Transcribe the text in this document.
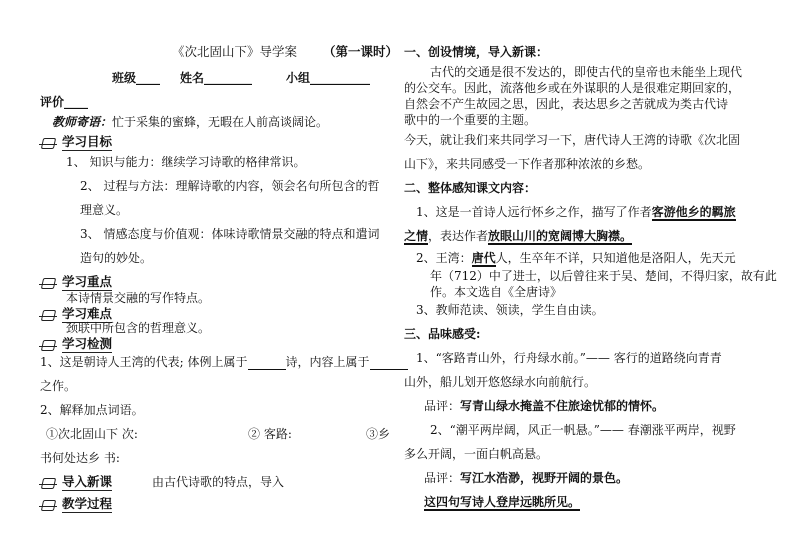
《次北固山下》导学案 （第一课时）
班级____ 姓名________	小组__________
评价____
教师寄语：忙于采集的蜜蜂，无暇在人前高谈阔论。
学习目标
1、 知识与能力：继续学习诗歌的格律常识。
2、 过程与方法：理解诗歌的内容，领会名句所包含的哲
理意义。
3、 情感态度与价值观：体味诗歌情景交融的特点和遣词
造句的妙处。
学习重点
本诗情景交融的写作特点。
学习难点
颈联中所包含的哲理意义。
学习检测
1、这是朝诗人王湾的代表; 体例上属于	诗，内容上属于
之作。
2、解释加点词语。
①次北固山下 次:	② 客路:	③乡
书何处达乡 书:
导入新课	由古代诗歌的特点，导入
教学过程
一、创设情境，导入新课：
古代的交通是很不发达的，即使古代的皇帝也未能坐上现代
的公交车。因此，流落他乡或在外谋职的人是很难定期回家的，
自然会不产生故园之思，因此，表达思乡之苦就成为类古代诗
歌中的一个重要的主题。
今天，就让我们来共同学习一下，唐代诗人王湾的诗歌《次北固
山下》，来共同感受一下作者那种浓浓的乡愁。
二、整体感知课文内容：
1、这是一首诗人远行怀乡之作，描写了作者客游他乡的羁旅
之情，表达作者放眼山川的宽阔博大胸襟。
2、王湾：唐代人，生卒年不详，只知道他是洛阳人，先天元
年（712）中了进士，以后曾往来于吴、楚间，不得归家，故有此
作。本文选自《全唐诗》
3、教师范读、领读，学生自由读。
三、品味感受:
1、“客路青山外，行舟绿水前。”—— 客行的道路绕向青青
山外，船儿划开悠悠绿水向前航行。
品评：写青山绿水掩盖不住旅途忧郁的情怀。
2、“潮平两岸阔，风正一帆悬。”—— 春潮涨平两岸，视野
多么开阔，一面白帆高悬。
品评：写江水浩渺，视野开阔的景色。
这四句写诗人登岸远眺所见。
